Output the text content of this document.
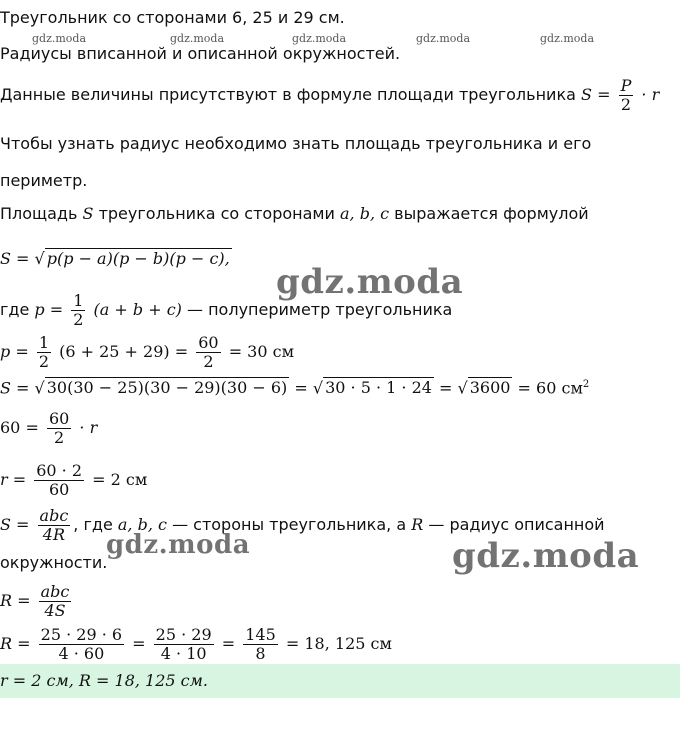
gdz.moda	gdz.moda	gdz.moda	gdz.moda	gdz.moda
Треугольник со сторонами 6, 25 и 29 см.
Радиусы вписанной и описанной окружностей.
Данные величины присутствуют в формуле площади треугольника $S = \frac{P}{2} \cdot r$
Чтобы узнать радиус необходимо знать площадь треугольника и его
периметр.
Площадь S треугольника со сторонами a, b, c выражается формулой
S = √ p(p − a)(p − b)(p − c),
gdz.moda
где $p = \frac{1}{2} (a + b + c)$ — полупериметр треугольника
$p = \frac{1}{2} (6 + 25 + 29) = \frac{60}{2} = 30$ см
S = √ 30(30 − 25)(30 − 29)(30 − 6) = √ 30 · 5 · 1 · 24 = √ 3600 = 60 $см^2$
$60 = \frac{60}{2} \cdot r$
$r = \frac{60 \cdot 2}{60} = 2$ см
$S = \frac{\text{abc}}{4R}$ , где a, b, c — стороны треугольника, а R — радиус описанной
gdz.moda
окружности.	gdz.moda
$R = \frac{\text{abc}}{4S}$
$R = \frac{25 \cdot 29 \cdot 6}{4 \cdot 60} = \frac{25 \cdot 29}{4 \cdot 10} = \frac{145}{8} = 18$, 125 см
r = 2 см, R = 18, 125 см.
